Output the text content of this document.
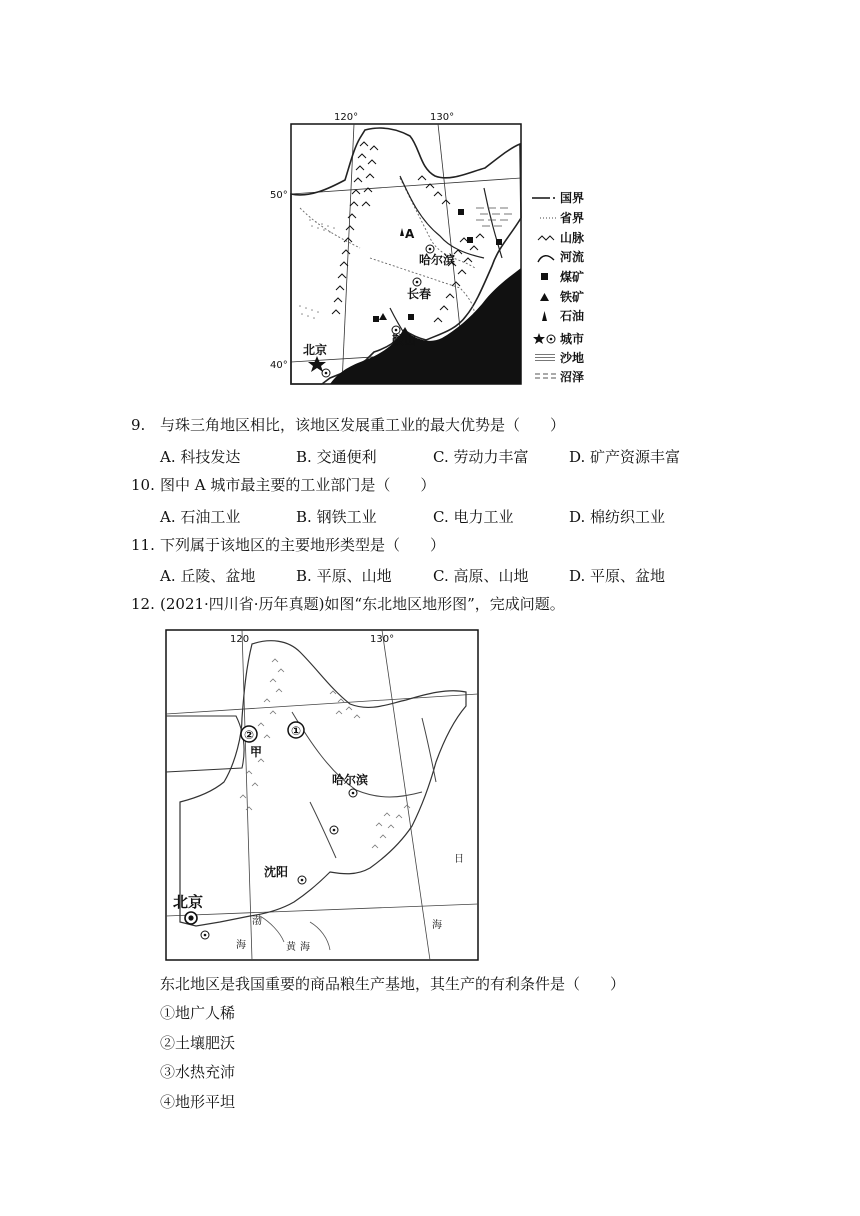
120°	130°
50°
40°
A
哈尔滨
长春
鞍山
北京
国界
省界
山脉
河流
煤矿
铁矿
石油
城市
沙地
沼泽
9. 与珠三角地区相比，该地区发展重工业的最大优势是（　　）
A. 科技发达	B. 交通便利	C. 劳动力丰富	D. 矿产资源丰富
10. 图中 A 城市最主要的工业部门是（　　）
A. 石油工业	B. 钢铁工业	C. 电力工业	D. 棉纺织工业
11. 下列属于该地区的主要地形类型是（　　）
A. 丘陵、盆地	B. 平原、山地	C. 高原、山地	D. 平原、盆地
12. (2021·四川省·历年真题)如图“东北地区地形图”，完成问题。
120	130°
①
②
甲
哈尔滨
沈阳
北京
渤
海	黄 海
日
海
东北地区是我国重要的商品粮生产基地，其生产的有利条件是（　　）
①地广人稀
②土壤肥沃
③水热充沛
④地形平坦
